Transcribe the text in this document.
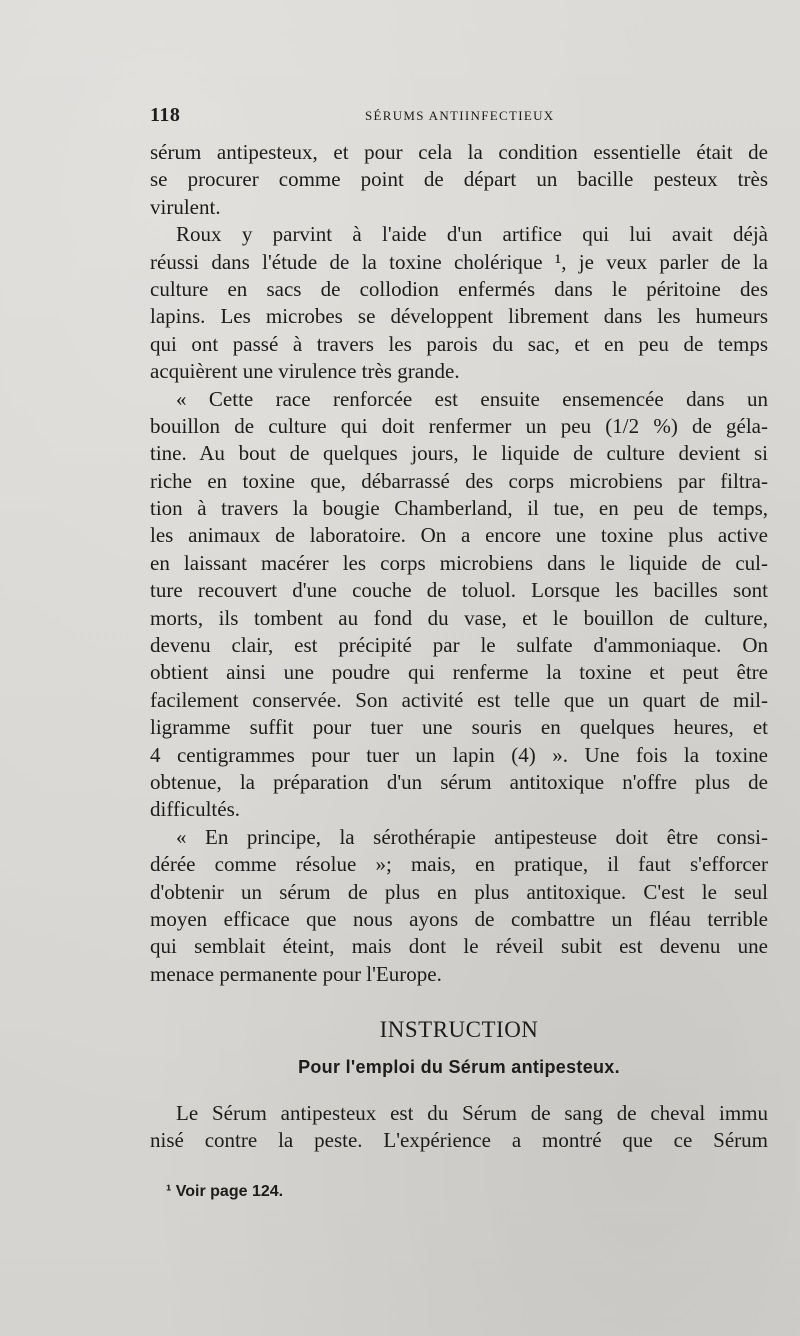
118	SÉRUMS ANTIINFECTIEUX
sérum antipesteux, et pour cela la condition essentielle était de
se procurer comme point de départ un bacille pesteux très
virulent.
Roux y parvint à l'aide d'un artifice qui lui avait déjà
réussi dans l'étude de la toxine cholérique ¹, je veux parler de la
culture en sacs de collodion enfermés dans le péritoine des
lapins. Les microbes se développent librement dans les humeurs
qui ont passé à travers les parois du sac, et en peu de temps
acquièrent une virulence très grande.
« Cette race renforcée est ensuite ensemencée dans un
bouillon de culture qui doit renfermer un peu (1/2 %) de géla-
tine. Au bout de quelques jours, le liquide de culture devient si
riche en toxine que, débarrassé des corps microbiens par filtra-
tion à travers la bougie Chamberland, il tue, en peu de temps,
les animaux de laboratoire. On a encore une toxine plus active
en laissant macérer les corps microbiens dans le liquide de cul-
ture recouvert d'une couche de toluol. Lorsque les bacilles sont
morts, ils tombent au fond du vase, et le bouillon de culture,
devenu clair, est précipité par le sulfate d'ammoniaque. On
obtient ainsi une poudre qui renferme la toxine et peut être
facilement conservée. Son activité est telle que un quart de mil-
ligramme suffit pour tuer une souris en quelques heures, et
4 centigrammes pour tuer un lapin (4) ». Une fois la toxine
obtenue, la préparation d'un sérum antitoxique n'offre plus de
difficultés.
« En principe, la sérothérapie antipesteuse doit être consi-
dérée comme résolue »; mais, en pratique, il faut s'efforcer
d'obtenir un sérum de plus en plus antitoxique. C'est le seul
moyen efficace que nous ayons de combattre un fléau terrible
qui semblait éteint, mais dont le réveil subit est devenu une
menace permanente pour l'Europe.
INSTRUCTION
Pour l'emploi du Sérum antipesteux.
Le Sérum antipesteux est du Sérum de sang de cheval immu
nisé contre la peste. L'expérience a montré que ce Sérum
¹ Voir page 124.
